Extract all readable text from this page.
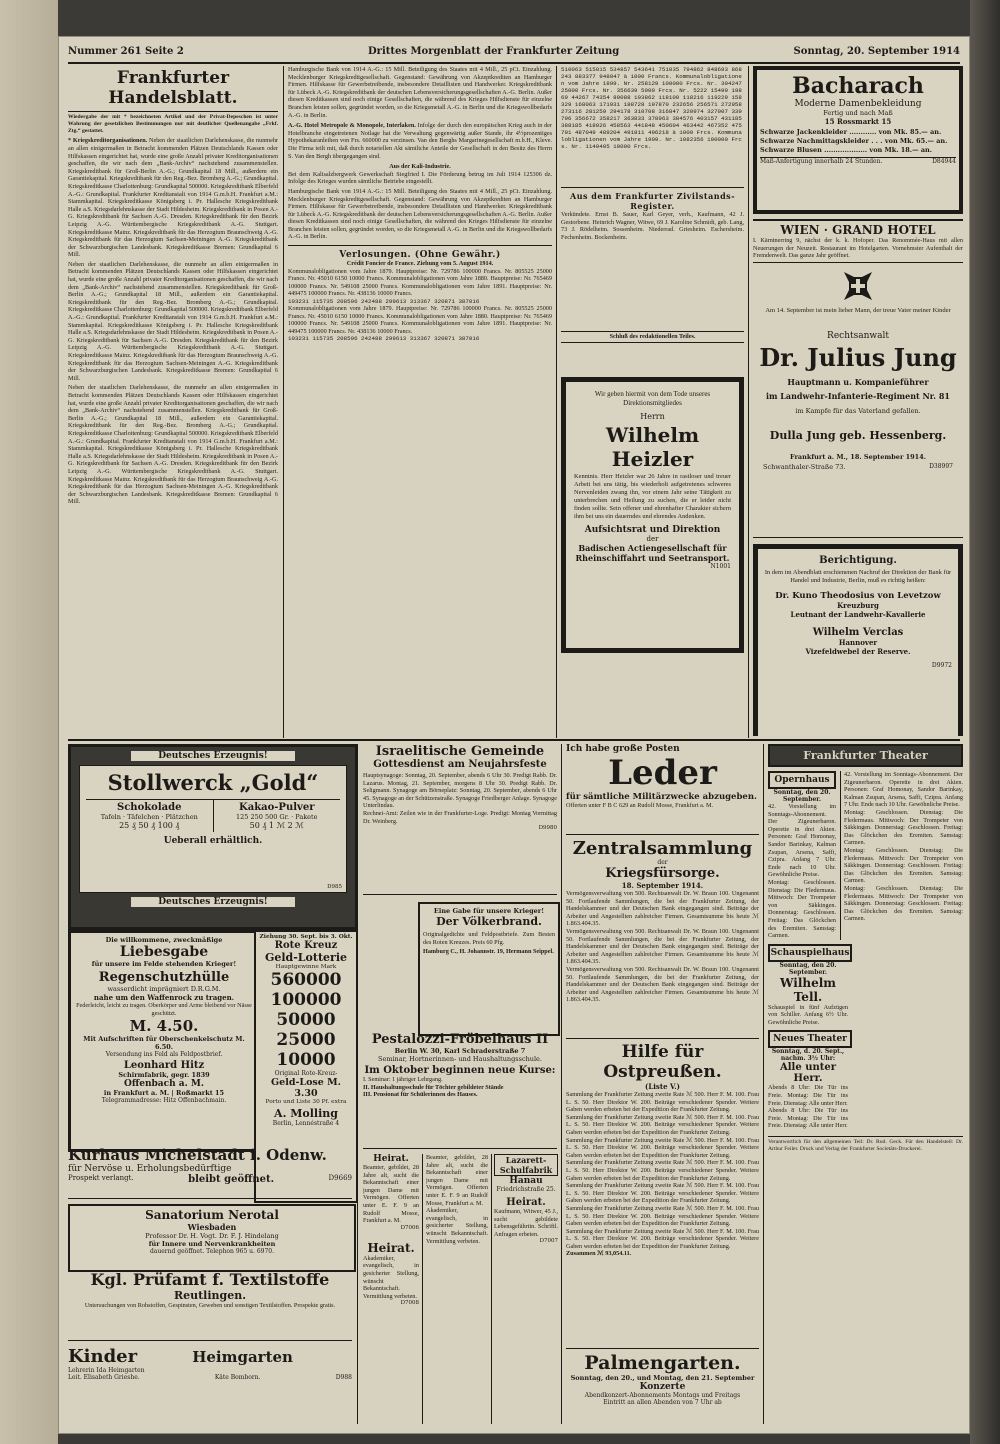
Nummer 261 Seite 2	Drittes Morgenblatt der Frankfurter Zeitung	Sonntag, 20. September 1914
Frankfurter Handelsblatt.
Wiedergabe der mit * bezeichneten Artikel und der Privat-Depeschen ist unter Wahrung der gesetzlichen Bestimmungen nur mit deutlicher Quellenangabe „Frkf. Ztg.“ gestattet.
* Kriegskreditorganisationen. Neben der staatlichen Darlehenskasse, die nunmehr an allen einigermaßen in Betracht kommenden Plätzen Deutschlands Kassen oder Hilfskassen eingerichtet hat, wurde eine große Anzahl privater Kreditorganisationen geschaffen, die wir nach dem „Bank-Archiv“ nachstehend zusammenstellen. Kriegskreditbank für Groß-Berlin A.-G.; Grundkapital 18 Mill., außerdem ein Garantiekapital. Kriegskreditbank für den Reg.-Bez. Bromberg A.-G.; Grundkapital. Kriegskreditkasse Charlottenburg: Grundkapital 500000. Kriegskreditbank Elberfeld A.-G.: Grundkapital. Frankfurter Kreditanstalt von 1914 G.m.b.H. Frankfurt a.M.: Stammkapital. Kriegskreditkasse Königsberg i. Pr. Hallesche Kriegskreditbank Halle a.S. Kriegsdarlehnskasse der Stadt Hildesheim. Kriegskreditbank in Posen A.-G. Kriegskreditbank für Sachsen A.-G. Dresden. Kriegskreditbank für den Bezirk Leipzig A.-G. Württembergische Kriegskreditbank A.-G. Stuttgart. Kriegskreditkasse Mainz. Kriegskreditbank für das Herzogtum Braunschweig A.-G. Kriegskreditbank für das Herzogtum Sachsen-Meiningen A.-G. Kriegskreditbank der Schwarzburgischen Landesbank. Kriegskreditkasse Bremen: Grundkapital 6 Mill.
Neben der staatlichen Darlehenskasse, die nunmehr an allen einigermaßen in Betracht kommenden Plätzen Deutschlands Kassen oder Hilfskassen eingerichtet hat, wurde eine große Anzahl privater Kreditorganisationen geschaffen, die wir nach dem „Bank-Archiv“ nachstehend zusammenstellen. Kriegskreditbank für Groß-Berlin A.-G.; Grundkapital 18 Mill., außerdem ein Garantiekapital. Kriegskreditbank für den Reg.-Bez. Bromberg A.-G.; Grundkapital. Kriegskreditkasse Charlottenburg: Grundkapital 500000. Kriegskreditbank Elberfeld A.-G.: Grundkapital. Frankfurter Kreditanstalt von 1914 G.m.b.H. Frankfurt a.M.: Stammkapital. Kriegskreditkasse Königsberg i. Pr. Hallesche Kriegskreditbank Halle a.S. Kriegsdarlehnskasse der Stadt Hildesheim. Kriegskreditbank in Posen A.-G. Kriegskreditbank für Sachsen A.-G. Dresden. Kriegskreditbank für den Bezirk Leipzig A.-G. Württembergische Kriegskreditbank A.-G. Stuttgart. Kriegskreditkasse Mainz. Kriegskreditbank für das Herzogtum Braunschweig A.-G. Kriegskreditbank für das Herzogtum Sachsen-Meiningen A.-G. Kriegskreditbank der Schwarzburgischen Landesbank. Kriegskreditkasse Bremen: Grundkapital 6 Mill.
Neben der staatlichen Darlehenskasse, die nunmehr an allen einigermaßen in Betracht kommenden Plätzen Deutschlands Kassen oder Hilfskassen eingerichtet hat, wurde eine große Anzahl privater Kreditorganisationen geschaffen, die wir nach dem „Bank-Archiv“ nachstehend zusammenstellen. Kriegskreditbank für Groß-Berlin A.-G.; Grundkapital 18 Mill., außerdem ein Garantiekapital. Kriegskreditbank für den Reg.-Bez. Bromberg A.-G.; Grundkapital. Kriegskreditkasse Charlottenburg: Grundkapital 500000. Kriegskreditbank Elberfeld A.-G.: Grundkapital. Frankfurter Kreditanstalt von 1914 G.m.b.H. Frankfurt a.M.: Stammkapital. Kriegskreditkasse Königsberg i. Pr. Hallesche Kriegskreditbank Halle a.S. Kriegsdarlehnskasse der Stadt Hildesheim. Kriegskreditbank in Posen A.-G. Kriegskreditbank für Sachsen A.-G. Dresden. Kriegskreditbank für den Bezirk Leipzig A.-G. Württembergische Kriegskreditbank A.-G. Stuttgart. Kriegskreditkasse Mainz. Kriegskreditbank für das Herzogtum Braunschweig A.-G. Kriegskreditbank für das Herzogtum Sachsen-Meiningen A.-G. Kriegskreditbank der Schwarzburgischen Landesbank. Kriegskreditkasse Bremen: Grundkapital 6 Mill.
Hamburgische Bank von 1914 A.-G.: 15 Mill. Beteiligung des Staates mit 4 Mill., 25 pCt. Einzahlung. Mecklenburger Kriegskreditgesellschaft. Gegenstand: Gewährung von Akzeptkrediten an Hamburger Firmen. Hilfskasse für Gewerbetreibende, insbesondere Detaillisten und Handwerker. Kriegskreditbank für Lübeck A.-G. Kriegskreditbank der deutschen Lebensversicherungsgesellschaften A.-G. Berlin. Außer diesen Kreditkassen sind noch einige Gesellschaften, die während des Krieges Hilfsdienste für einzelne Branchen leisten sollen, gegründet worden, so die Kriegsmetall A.-G. in Berlin und die Kriegswollbedarfs A.-G. in Berlin.
A.-G. Hotel Metropole & Monopole, Interlaken. Infolge der durch den europäischen Krieg auch in der Hotelbranche eingetretenen Notlage hat die Verwaltung gegenwärtig außer Stande, ihr 4½prozentiges Hypothekaranleihen von Frs. 660000 zu verzinsen. Van den Berghs Margarinegesellschaft m.b.H., Kleve. Die Firma teilt mit, daß durch notariellen Akt sämtliche Anteile der Gesellschaft in den Besitz des Herrn S. Van den Bergh übergegangen sind.
Aus der Kali-Industrie.
Bei dem Kalisalzbergwerk Gewerkschaft Siegfried I. Die Förderung betrug im Juli 1914 125306 dz. Infolge des Krieges wurden sämtliche Betriebe eingestellt.
Hamburgische Bank von 1914 A.-G.: 15 Mill. Beteiligung des Staates mit 4 Mill., 25 pCt. Einzahlung. Mecklenburger Kriegskreditgesellschaft. Gegenstand: Gewährung von Akzeptkrediten an Hamburger Firmen. Hilfskasse für Gewerbetreibende, insbesondere Detaillisten und Handwerker. Kriegskreditbank für Lübeck A.-G. Kriegskreditbank der deutschen Lebensversicherungsgesellschaften A.-G. Berlin. Außer diesen Kreditkassen sind noch einige Gesellschaften, die während des Krieges Hilfsdienste für einzelne Branchen leisten sollen, gegründet worden, so die Kriegsmetall A.-G. in Berlin und die Kriegswollbedarfs A.-G. in Berlin.
Verlosungen. (Ohne Gewähr.)
Crédit Foncier de France. Ziehung vom 5. August 1914.
Kommunalobligationen vom Jahre 1879. Hauptpreise: Nr. 729786 100000 Francs. Nr. 805525 25000 Francs. Nr. 45010 6150 10000 Francs. Kommunalobligationen vom Jahre 1880. Hauptpreise: Nr. 765469 100000 Francs. Nr. 549108 25000 Francs. Kommunalobligationen vom Jahre 1891. Hauptpreise: Nr. 449475 100000 Francs. Nr. 438136 10000 Francs.
103231 115735 208596 242488 299613 313367 320871 387016
Kommunalobligationen vom Jahre 1879. Hauptpreise: Nr. 729786 100000 Francs. Nr. 805525 25000 Francs. Nr. 45010 6150 10000 Francs. Kommunalobligationen vom Jahre 1880. Hauptpreise: Nr. 765469 100000 Francs. Nr. 549108 25000 Francs. Kommunalobligationen vom Jahre 1891. Hauptpreise: Nr. 449475 100000 Francs. Nr. 438136 10000 Francs.
103231 115735 208596 242488 299613 313367 320871 387016
510063 515015 534857 543641 751035 794862 848693 868243 883377 948047 à 1000 Francs. Kommunalobligationen vom Jahre 1899. Nr. 258129 100000 Frcs. Nr. 304247 25000 Frcs. Nr. 356639 5000 Frcs. Nr. 5222 15499 19869 44267 74354 89088 103862 118100 118216 119229 158329 168063 171931 188728 197870 232656 256571 272958 273116 281259 294178 310708 316847 320974 327007 339796 356672 358217 363833 378963 384576 403157 431185 388185 418026 458563 441848 450604 463442 467352 475701 487049 489204 491811 496218 à 1000 Frcs. Kommunalobligationen vom Jahre 1909. Nr. 1082356 100000 Frcs. Nr. 1140405 10000 Frcs.
Aus dem Frankfurter Zivilstands-Register.
Verkündete. Ernst B. Sauer, Karl Geyer, verh., Kaufmann, 42 J. Gestorbene. Heinrich Wagner, Witwe, 69 J. Karoline Schmidt, geb. Lang, 73 J. Rödelheim. Sossenheim. Niederrad. Griesheim. Eschersheim. Fechenheim. Bockenheim.
Schluß des redaktionellen Teiles.
Wir geben hiermit von dem Tode unseres Direktionsmitgliedes
Herrn
Wilhelm Heizler
Kenntnis. Herr Heizler war 26 Jahre in rastloser und treuer Arbeit bei uns tätig, bis wiederholt aufgetretenes schweres Nervenleiden zwang ihn, vor einem Jahr seine Tätigkeit zu unterbrechen und Heilung zu suchen, die er leider nicht finden sollte. Sein offener und ehrenhafter Charakter sichern ihm bei uns ein dauerndes und ehrendes Andenken.
Aufsichtsrat und Direktion
der
Badischen Actiengesellschaft für Rheinschiffahrt und Seetransport.
N1001
Bacharach
Moderne Damenbekleidung
Fertig und nach Maß
15 Rossmarkt 15
Schwarze Jackenkleider ............ von Mk. 85.— an.
Schwarze Nachmittagskleider . . . von Mk. 65.— an.
Schwarze Blusen ................... von Mk. 18.— an.
Maß-Anfertigung innerhalb 24 Stunden.	D84944
WIEN · GRAND HOTEL
I. Kärntnerring 9, nächst der k. k. Hofoper. Das Renommée-Haus mit allen Neuerungen der Neuzeit. Restaurant im Hotelgarten. Vornehmster Aufenthalt der Fremdenwelt. Das ganze Jahr geöffnet.
Am 14. September ist mein lieber Mann, der treue Vater meiner Kinder
Rechtsanwalt
Dr. Julius Jung
Hauptmann u. Kompanieführer
im Landwehr-Infanterie-Regiment Nr. 81
im Kampfe für das Vaterland gefallen.
Dulla Jung geb. Hessenberg.
Frankfurt a. M., 18. September 1914.
Schwanthaler-Straße 73.	D38997
Berichtigung.
In dem im Abendblatt erschienenen Nachruf der Direktion der Bank für Handel und Industrie, Berlin, muß es richtig heißen:
Dr. Kuno Theodosius von Levetzow
Kreuzburg
Leutnant der Landwehr-Kavallerie
Wilhelm Verclas
Hannover
Vizefeldwebel der Reserve.
D9972
Deutsches Erzeugnis!
Stollwerck „Gold“
Schokolade
Tafeln · Täfelchen · Plätzchen
25 ₰ 50 ₰ 100 ₰
Kakao-Pulver
125 250 500 Gr. · Pakete
50 ₰ 1 ℳ 2 ℳ
Ueberall erhältlich.
D985
Deutsches Erzeugnis!
Die willkommene, zweckmäßige
Liebesgabe
für unsere im Felde stehenden Krieger!
Regenschutzhülle
wasserdicht imprägniert D.R.G.M.
nahe um den Waffenrock zu tragen.
Federleicht, leicht zu tragen. Oberkörper und Arme bleibend vor Nässe geschützt.
M. 4.50.
Mit Aufschriften für Oberschenkelschutz M. 6.50.
Versendung ins Feld als Feldpostbrief.
Leonhard Hitz
Schirmfabrik, gegr. 1839
Offenbach a. M.
in Frankfurt a. M. | Roßmarkt 15
Telegrammadresse: Hitz Offenbachmain.
Ziehung 30. Sept. bis 3. Okt.
Rote Kreuz
Geld-Lotterie
Hauptgewinne Mark
560000
100000
50000
25000
10000
Original Rote-Kreuz-
Geld-Lose M. 3.30
Porto und Liste 30 Pf. extra
A. Molling
Berlin, Lennéstraße 4
Kurhaus Michelstadt i. Odenw.
für Nervöse u. Erholungsbedürftige
Prospekt verlangt.	bleibt geöffnet.	D9669
Sanatorium Nerotal
Wiesbaden
Professor Dr. H. Vogt. Dr. F. J. Hindelang
für Innere und Nervenkrankheiten
dauernd geöffnet. Telephon 965 u. 6970.
Kgl. Prüfamt f. Textilstoffe
Reutlingen.
Untersuchungen von Rohstoffen, Gespinsten, Geweben und sonstigen Textilstoffen. Prospekte gratis.
Kinder	Heimgarten
Lehrerin Ida Heimgarten
Leit. Elisabeth Grieshe.	Käte Bomborn.	D988
Israelitische Gemeinde
Gottesdienst am Neujahrsfeste
Hauptsynagoge: Sonntag, 20. September, abends 6 Uhr 30. Predigt Rabb. Dr. Lazarus. Montag, 21. September, morgens 8 Uhr 30. Predigt Rabb. Dr. Seligmann. Synagoge am Börneplatz: Sonntag, 20. September, abends 6 Uhr 45. Synagoge an der Schützenstraße. Synagoge Friedberger Anlage. Synagoge Unterlindau.
Rechnei-Amt: Zeilen wie in der Frankfurter-Loge. Predigt: Montag Vormittag Dr. Weinberg.
D9980
Eine Gabe für unsere Krieger!
Der Völkerbrand.
Originalgedichte und Feldpostbriefe. Zum Besten des Roten Kreuzes. Preis 60 Pfg.
Hamburg C., H. Johannstr. 19, Hermann Seippel.
Pestalozzi-Fröbelhaus II
Berlin W. 30, Karl Schraderstraße 7
Seminar, Hortnerinnen- und Haushaltungsschule.
Im Oktober beginnen neue Kurse:
I. Seminar: 1 jähriger Lehrgang.
II. Haushaltungsschule für Töchter gebildeter Stände
III. Pensionat für Schülerinnen des Hauses.
Heirat.
Beamter, gebildet, 28 Jahre alt, sucht die Bekanntschaft einer jungen Dame mit Vermögen. Offerten unter E. F. 9 an Rudolf Mosse, Frankfurt a. M.
D7006
Heirat.
Akademiker, evangelisch, in gesicherter Stellung, wünscht Bekanntschaft. Vermittlung verbeten.
D7008
Beamter, gebildet, 28 Jahre alt, sucht die Bekanntschaft einer jungen Dame mit Vermögen. Offerten unter E. F. 9 an Rudolf Mosse, Frankfurt a. M.
Akademiker, evangelisch, in gesicherter Stellung, wünscht Bekanntschaft. Vermittlung verbeten.
Lazarett-Schulfabrik
Hanau
Friedrichstraße 25.
Heirat.
Kaufmann, Witwer, 45 J., sucht gebildete Lebensgefährtin. Schriftl. Anfragen erbeten.
D7007
Ich habe große Posten
Leder
für sämtliche Militärzwecke abzugeben.
Offerten unter F B C 629 an Rudolf Mosse, Frankfurt a. M.
Zentralsammlung
der
Kriegsfürsorge.
18. September 1914.
Vermögensverwaltung von 500. Rechtsanwalt Dr. W. Braun 100. Ungenannt 50. Fortlaufende Sammlungen, die bei der Frankfurter Zeitung, der Handelskammer und der Deutschen Bank eingegangen sind. Beiträge der Arbeiter und Angestellten zahlreicher Firmen. Gesamtsumme bis heute ℳ 1.863.404.35.
Vermögensverwaltung von 500. Rechtsanwalt Dr. W. Braun 100. Ungenannt 50. Fortlaufende Sammlungen, die bei der Frankfurter Zeitung, der Handelskammer und der Deutschen Bank eingegangen sind. Beiträge der Arbeiter und Angestellten zahlreicher Firmen. Gesamtsumme bis heute ℳ 1.863.404.35.
Vermögensverwaltung von 500. Rechtsanwalt Dr. W. Braun 100. Ungenannt 50. Fortlaufende Sammlungen, die bei der Frankfurter Zeitung, der Handelskammer und der Deutschen Bank eingegangen sind. Beiträge der Arbeiter und Angestellten zahlreicher Firmen. Gesamtsumme bis heute ℳ 1.863.404.35.
Hilfe für Ostpreußen.
(Liste V.)
Sammlung der Frankfurter Zeitung zweite Rate ℳ 500. Herr F. M. 100. Frau L. S. 50. Herr Direktor W. 200. Beiträge verschiedener Spender. Weitere Gaben werden erbeten bei der Expedition der Frankfurter Zeitung.
Sammlung der Frankfurter Zeitung zweite Rate ℳ 500. Herr F. M. 100. Frau L. S. 50. Herr Direktor W. 200. Beiträge verschiedener Spender. Weitere Gaben werden erbeten bei der Expedition der Frankfurter Zeitung.
Sammlung der Frankfurter Zeitung zweite Rate ℳ 500. Herr F. M. 100. Frau L. S. 50. Herr Direktor W. 200. Beiträge verschiedener Spender. Weitere Gaben werden erbeten bei der Expedition der Frankfurter Zeitung.
Sammlung der Frankfurter Zeitung zweite Rate ℳ 500. Herr F. M. 100. Frau L. S. 50. Herr Direktor W. 200. Beiträge verschiedener Spender. Weitere Gaben werden erbeten bei der Expedition der Frankfurter Zeitung.
Sammlung der Frankfurter Zeitung zweite Rate ℳ 500. Herr F. M. 100. Frau L. S. 50. Herr Direktor W. 200. Beiträge verschiedener Spender. Weitere Gaben werden erbeten bei der Expedition der Frankfurter Zeitung.
Sammlung der Frankfurter Zeitung zweite Rate ℳ 500. Herr F. M. 100. Frau L. S. 50. Herr Direktor W. 200. Beiträge verschiedener Spender. Weitere Gaben werden erbeten bei der Expedition der Frankfurter Zeitung.
Sammlung der Frankfurter Zeitung zweite Rate ℳ 500. Herr F. M. 100. Frau L. S. 50. Herr Direktor W. 200. Beiträge verschiedener Spender. Weitere Gaben werden erbeten bei der Expedition der Frankfurter Zeitung.
Zusammen ℳ 93,054.11.
Palmengarten.
Sonntag, den 20., und Montag, den 21. September
Konzerte
Abendkonzert-Abonnements Montags und Freitags
Eintritt an allen Abenden von 7 Uhr ab
Frankfurter Theater
Opernhaus
Sonntag, den 20. September.
42. Vorstellung im Sonntags-Abonnement. Der Zigeunerbaron. Operette in drei Akten. Personen: Graf Homonay, Sandor Barinkay, Kalman Zsupan, Arsena, Saffi, Czipra. Anfang 7 Uhr. Ende nach 10 Uhr. Gewöhnliche Preise.
Montag: Geschlossen. Dienstag: Die Fledermaus. Mittwoch: Der Trompeter von Säkkingen. Donnerstag: Geschlossen. Freitag: Das Glöckchen des Eremiten. Samstag: Carmen.
42. Vorstellung im Sonntags-Abonnement. Der Zigeunerbaron. Operette in drei Akten. Personen: Graf Homonay, Sandor Barinkay, Kalman Zsupan, Arsena, Saffi, Czipra. Anfang 7 Uhr. Ende nach 10 Uhr. Gewöhnliche Preise.
Montag: Geschlossen. Dienstag: Die Fledermaus. Mittwoch: Der Trompeter von Säkkingen. Donnerstag: Geschlossen. Freitag: Das Glöckchen des Eremiten. Samstag: Carmen.
Montag: Geschlossen. Dienstag: Die Fledermaus. Mittwoch: Der Trompeter von Säkkingen. Donnerstag: Geschlossen. Freitag: Das Glöckchen des Eremiten. Samstag: Carmen.
Montag: Geschlossen. Dienstag: Die Fledermaus. Mittwoch: Der Trompeter von Säkkingen. Donnerstag: Geschlossen. Freitag: Das Glöckchen des Eremiten. Samstag: Carmen.
Schauspielhaus
Sonntag, den 20. September.
Wilhelm Tell.
Schauspiel in fünf Aufzügen von Schiller. Anfang 6½ Uhr. Gewöhnliche Preise.
Neues Theater
Sonntag, d. 20. Sept., nachm. 3½ Uhr:
Alle unter Herr.
Abends 8 Uhr: Die Tür ins Freie. Montag: Die Tür ins Freie. Dienstag: Alle unter Herr.
Abends 8 Uhr: Die Tür ins Freie. Montag: Die Tür ins Freie. Dienstag: Alle unter Herr.
Verantwortlich für den allgemeinen Teil: Dr. Rud. Geck. Für den Handelsteil: Dr. Arthur Feiler. Druck und Verlag der Frankfurter Societäts-Druckerei.
